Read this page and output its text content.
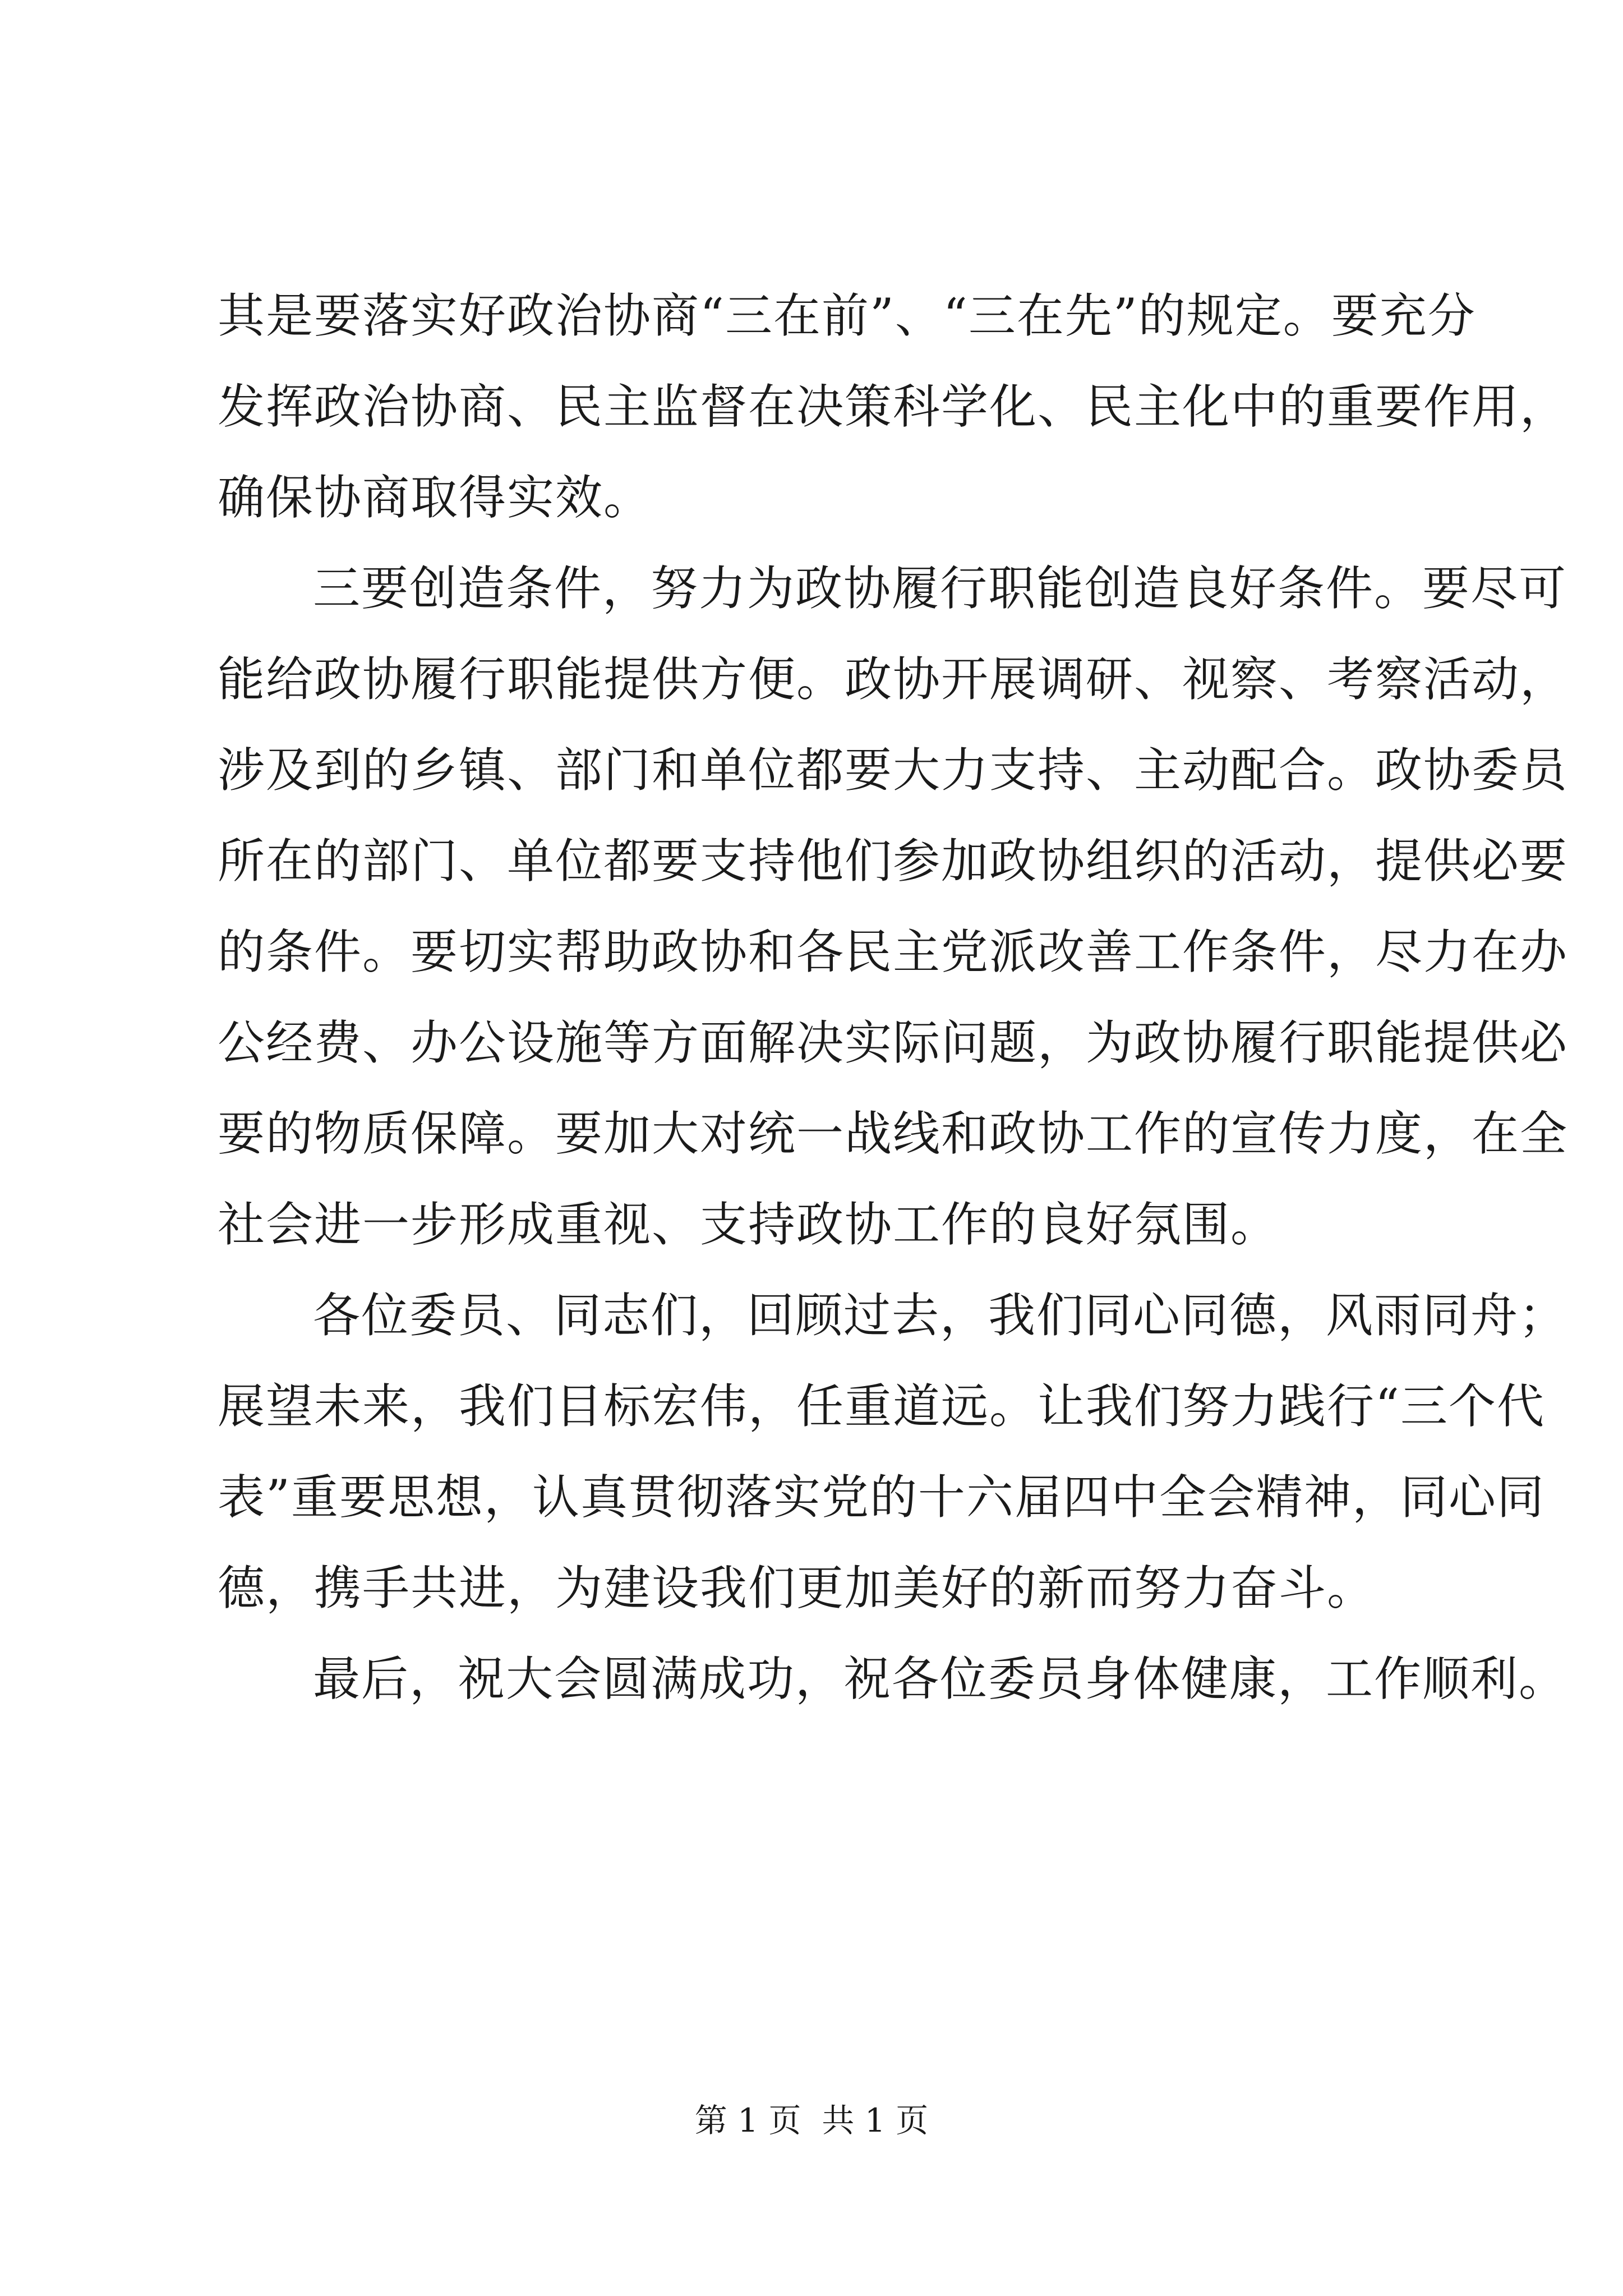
其是要落实好政治协商“三在前”、“三在先”的规定。要充分
发挥政治协商、民主监督在决策科学化、民主化中的重要作用，
确保协商取得实效。
三要创造条件，努力为政协履行职能创造良好条件。要尽可
能给政协履行职能提供方便。政协开展调研、视察、考察活动，
涉及到的乡镇、部门和单位都要大力支持、主动配合。政协委员
所在的部门、单位都要支持他们参加政协组织的活动，提供必要
的条件。要切实帮助政协和各民主党派改善工作条件，尽力在办
公经费、办公设施等方面解决实际问题，为政协履行职能提供必
要的物质保障。要加大对统一战线和政协工作的宣传力度，在全
社会进一步形成重视、支持政协工作的良好氛围。
各位委员、同志们，回顾过去，我们同心同德，风雨同舟；
展望未来，我们目标宏伟，任重道远。让我们努力践行“三个代
表”重要思想，认真贯彻落实党的十六届四中全会精神，同心同
德，携手共进，为建设我们更加美好的新而努力奋斗。
最后，祝大会圆满成功，祝各位委员身体健康，工作顺利。
第 1 页  共 1 页
